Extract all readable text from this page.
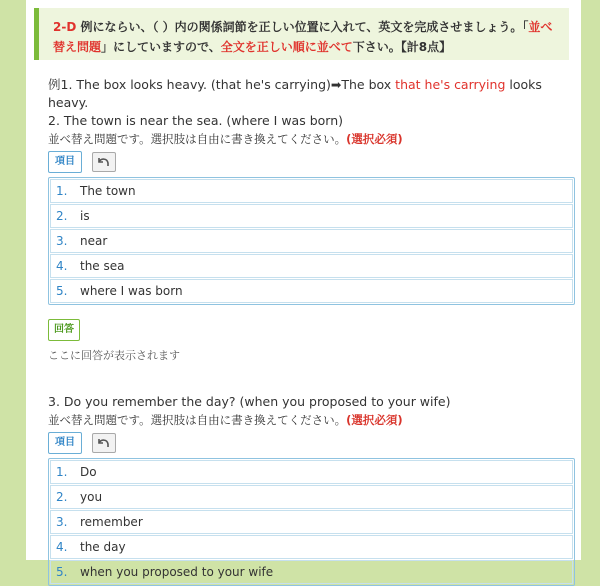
2-D 例にならい、（ ）内の関係詞節を正しい位置に入れて、英文を完成させましょう。「並べ替え問題」にしていますので、全文を正しい順に並べて下さい。【計8点】
例1. The box looks heavy. (that he's carrying)➡The box that he's carrying looks heavy.
2. The town is near the sea. (where I was born)
並べ替え問題です。選択肢は自由に書き換えてください。(選択必須)
項目
1.	The town
2.	is
3.	near
4.	the sea
5.	where I was born
回答
ここに回答が表示されます
3. Do you remember the day? (when you proposed to your wife)
並べ替え問題です。選択肢は自由に書き換えてください。(選択必須)
項目
1.	Do
2.	you
3.	remember
4.	the day
5.	when you proposed to your wife
